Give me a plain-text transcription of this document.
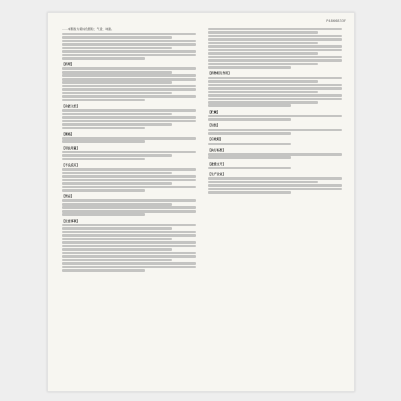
P4866833F
……本颗粒为黄棕色颗粒；气香，味甜。
【药理】
【功能主治】
【规格】
【用法用量】
【不良反应】
【禁忌】
【注意事项】
【药物相互作用】
【贮藏】
【包装】
【有效期】
【执行标准】
【批准文号】
【生产企业】
